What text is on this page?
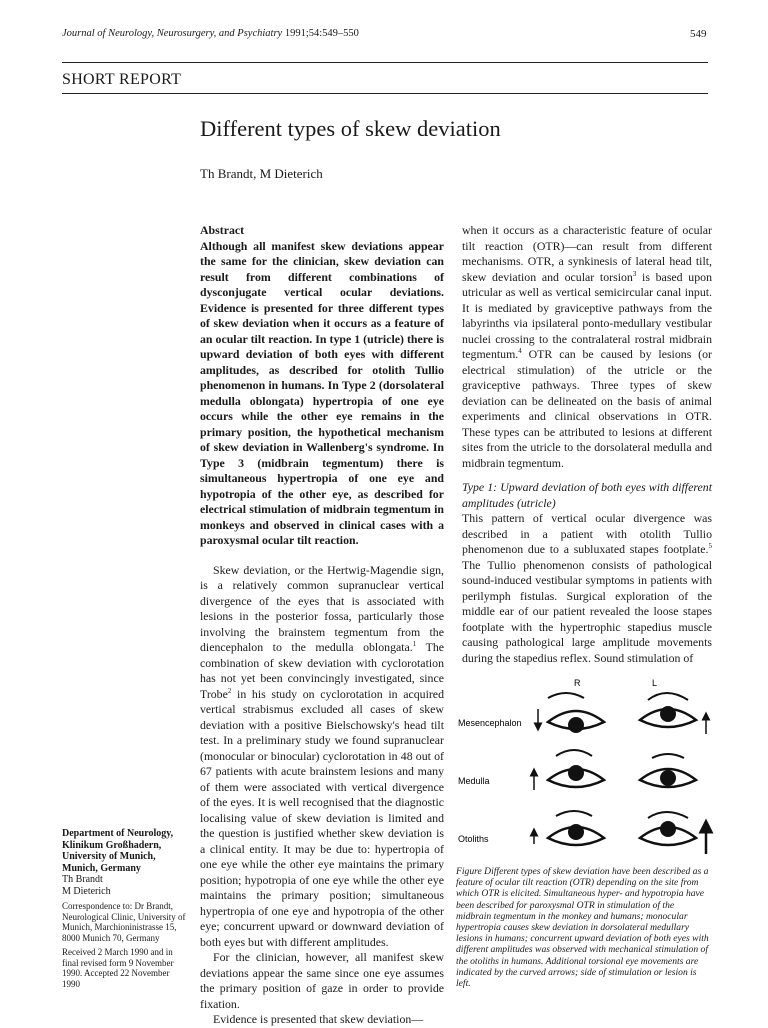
Journal of Neurology, Neurosurgery, and Psychiatry 1991;54:549–550	549
SHORT REPORT
Different types of skew deviation
Th Brandt, M Dieterich

Abstract

Although all manifest skew deviations appear the same for the clinician, skew deviation can result from different combinations of dysconjugate vertical ocular deviations. Evidence is presented for three different types of skew deviation when it occurs as a feature of an ocular tilt reaction. In type 1 (utricle) there is upward deviation of both eyes with different amplitudes, as described for otolith Tullio phenomenon in humans. In Type 2 (dorsolateral medulla oblongata) hypertropia of one eye occurs while the other eye remains in the primary position, the hypothetical mechanism of skew deviation in Wallenberg's syndrome. In Type 3 (midbrain tegmentum) there is simultaneous hypertropia of one eye and hypotropia of the other eye, as described for electrical stimulation of midbrain tegmentum in monkeys and observed in clinical cases with a paroxysmal ocular tilt reaction.

Skew deviation, or the Hertwig-Magendie sign, is a relatively common supranuclear vertical divergence of the eyes that is associated with lesions in the posterior fossa, particularly those involving the brainstem tegmentum from the diencephalon to the medulla oblongata.$^1$ The combination of skew deviation with cyclorotation has not yet been convincingly investigated, since Trobe$^2$ in his study on cyclorotation in acquired vertical strabismus excluded all cases of skew deviation with a positive Bielschowsky's head tilt test. In a preliminary study we found supranuclear (monocular or binocular) cyclorotation in 48 out of 67 patients with acute brainstem lesions and many of them were associated with vertical divergence of the eyes. It is well recognised that the diagnostic localising value of skew deviation is limited and the question is justified whether skew deviation is a clinical entity. It may be due to: hypertropia of one eye while the other eye maintains the primary position; hypotropia of one eye while the other eye maintains the primary position; simultaneous hypertropia of one eye and hypotropia of the other eye; concurrent upward or downward deviation of both eyes but with different amplitudes.

For the clinician, however, all manifest skew deviations appear the same since one eye assumes the primary position of gaze in order to provide fixation.

Evidence is presented that skew deviation—

when it occurs as a characteristic feature of ocular tilt reaction (OTR)—can result from different mechanisms. OTR, a synkinesis of lateral head tilt, skew deviation and ocular torsion$^3$ is based upon utricular as well as vertical semicircular canal input. It is mediated by graviceptive pathways from the labyrinths via ipsilateral ponto-medullary vestibular nuclei crossing to the contralateral rostral midbrain tegmentum.$^4$ OTR can be caused by lesions (or electrical stimulation) of the utricle or the graviceptive pathways. Three types of skew deviation can be delineated on the basis of animal experiments and clinical observations in OTR. These types can be attributed to lesions at different sites from the utricle to the dorsolateral medulla and midbrain tegmentum.

Type 1: Upward deviation of both eyes with different amplitudes (utricle)

This pattern of vertical ocular divergence was described in a patient with otolith Tullio phenomenon due to a subluxated stapes footplate.$^5$ The Tullio phenomenon consists of pathological sound-induced vestibular symptoms in patients with perilymph fistulas. Surgical exploration of the middle ear of our patient revealed the loose stapes footplate with the hypertrophic stapedius muscle causing pathological large amplitude movements during the stapedius reflex. Sound stimulation of

Department of Neurology, Klinikum Großhadern, University of Munich, Munich, Germany
Th Brandt
M Dieterich
Correspondence to: Dr Brandt, Neurological Clinic, University of Munich, Marchioninistrasse 15, 8000 Munich 70, Germany
Received 2 March 1990 and in final revised form 9 November 1990. Accepted 22 November 1990
R	L
Mesencephalon
Medulla
Otoliths
Figure Different types of skew deviation have been described as a feature of ocular tilt reaction (OTR) depending on the site from which OTR is elicited. Simultaneous hyper- and hypotropia have been described for paroxysmal OTR in stimulation of the midbrain tegmentum in the monkey and humans; monocular hypertropia causes skew deviation in dorsolateral medullary lesions in humans; concurrent upward deviation of both eyes with different amplitudes was observed with mechanical stimulation of the otoliths in humans. Additional torsional eye movements are indicated by the curved arrows; side of stimulation or lesion is left.
